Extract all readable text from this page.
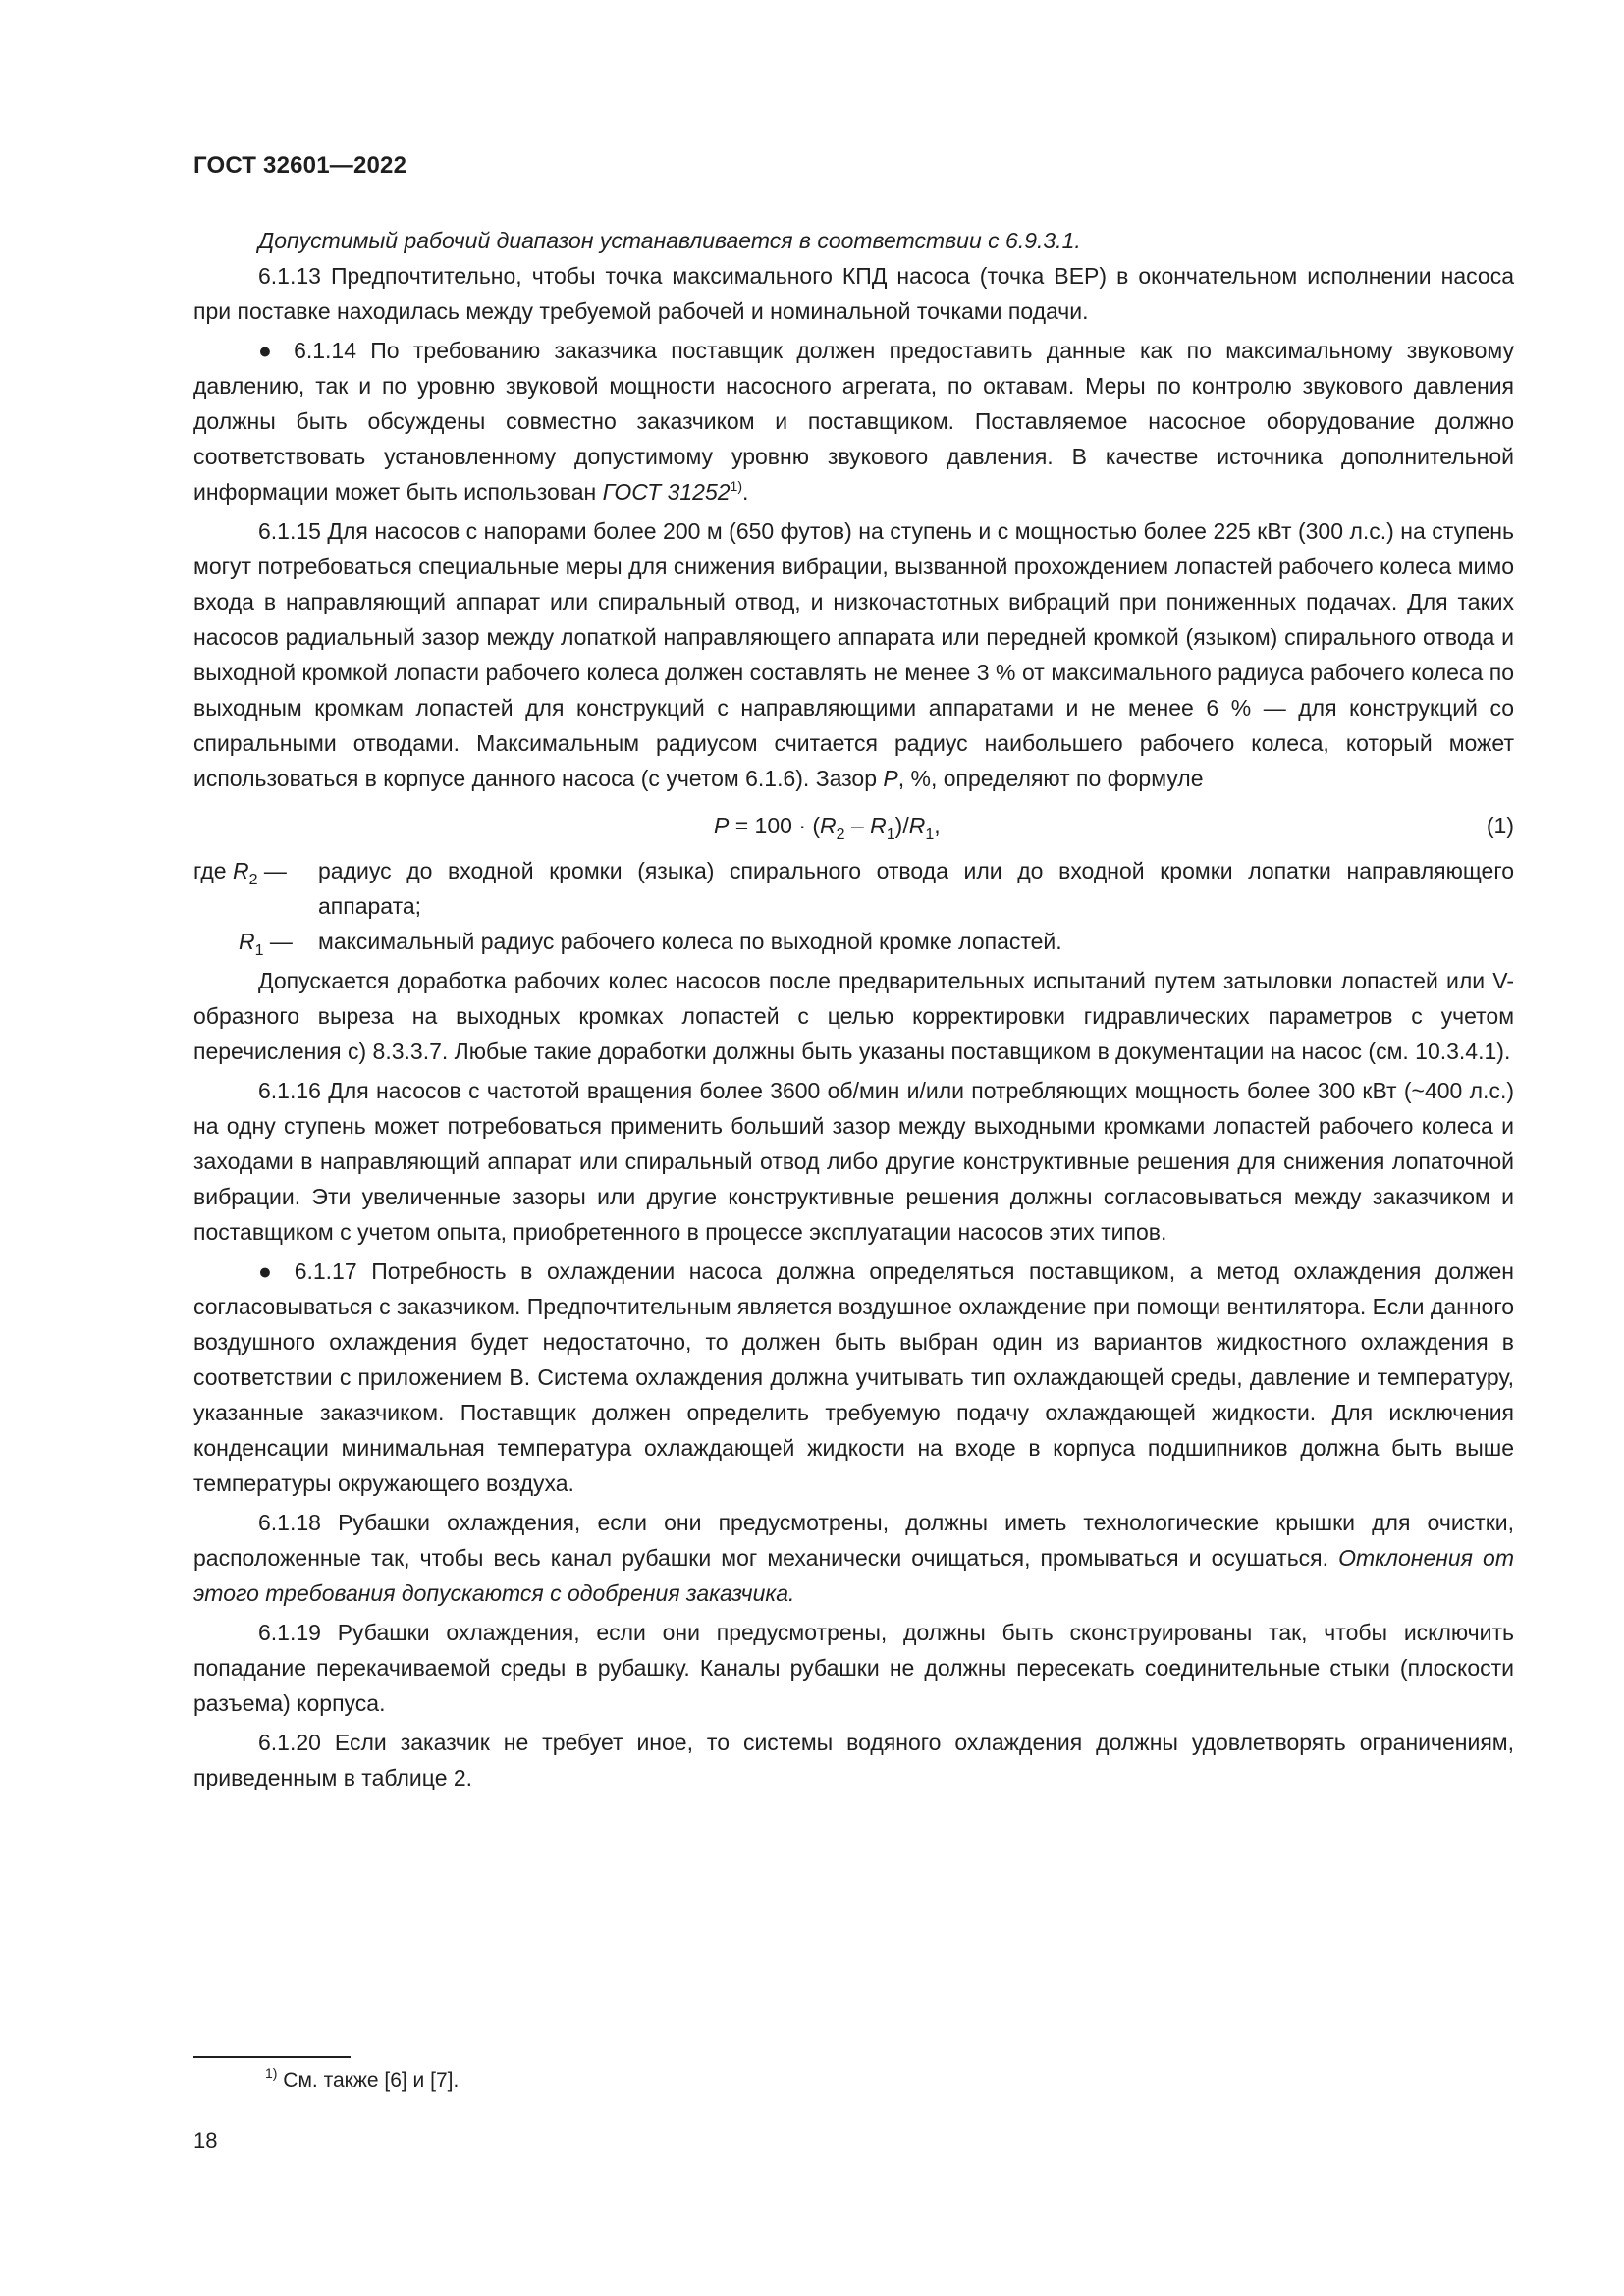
ГОСТ 32601—2022

Допустимый рабочий диапазон устанавливается в соответствии с 6.9.3.1.

6.1.13 Предпочтительно, чтобы точка максимального КПД насоса (точка ВЕР) в окончательном исполнении насоса при поставке находилась между требуемой рабочей и номинальной точками подачи.

● 6.1.14 По требованию заказчика поставщик должен предоставить данные как по максимальному звуковому давлению, так и по уровню звуковой мощности насосного агрегата, по октавам. Меры по контролю звукового давления должны быть обсуждены совместно заказчиком и поставщиком. Поставляемое насосное оборудование должно соответствовать установленному допустимому уровню звукового давления. В качестве источника дополнительной информации может быть использован ГОСТ 31252$^{1)}$.

6.1.15 Для насосов с напорами более 200 м (650 футов) на ступень и с мощностью более 225 кВт (300 л.с.) на ступень могут потребоваться специальные меры для снижения вибрации, вызванной прохождением лопастей рабочего колеса мимо входа в направляющий аппарат или спиральный отвод, и низкочастотных вибраций при пониженных подачах. Для таких насосов радиальный зазор между лопаткой направляющего аппарата или передней кромкой (языком) спирального отвода и выходной кромкой лопасти рабочего колеса должен составлять не менее 3 % от максимального радиуса рабочего колеса по выходным кромкам лопастей для конструкций с направляющими аппаратами и не менее 6 % — для конструкций со спиральными отводами. Максимальным радиусом считается радиус наибольшего рабочего колеса, который может использоваться в корпусе данного насоса (с учетом 6.1.6). Зазор P, %, определяют по формуле

$P = 100 \cdot (R_2 - R_1)/R_1$,	(1)
где $R_2$ —	радиус до входной кромки (языка) спирального отвода или до входной кромки лопатки направляющего аппарата;
$R_1$ —	максимальный радиус рабочего колеса по выходной кромке лопастей.

Допускается доработка рабочих колес насосов после предварительных испытаний путем затыловки лопастей или V-образного выреза на выходных кромках лопастей с целью корректировки гидравлических параметров с учетом перечисления с) 8.3.3.7. Любые такие доработки должны быть указаны поставщиком в документации на насос (см. 10.3.4.1).

6.1.16 Для насосов с частотой вращения более 3600 об/мин и/или потребляющих мощность более 300 кВт (~400 л.с.) на одну ступень может потребоваться применить больший зазор между выходными кромками лопастей рабочего колеса и заходами в направляющий аппарат или спиральный отвод либо другие конструктивные решения для снижения лопаточной вибрации. Эти увеличенные зазоры или другие конструктивные решения должны согласовываться между заказчиком и поставщиком с учетом опыта, приобретенного в процессе эксплуатации насосов этих типов.

● 6.1.17 Потребность в охлаждении насоса должна определяться поставщиком, а метод охлаждения должен согласовываться с заказчиком. Предпочтительным является воздушное охлаждение при помощи вентилятора. Если данного воздушного охлаждения будет недостаточно, то должен быть выбран один из вариантов жидкостного охлаждения в соответствии с приложением В. Система охлаждения должна учитывать тип охлаждающей среды, давление и температуру, указанные заказчиком. Поставщик должен определить требуемую подачу охлаждающей жидкости. Для исключения конденсации минимальная температура охлаждающей жидкости на входе в корпуса подшипников должна быть выше температуры окружающего воздуха.

6.1.18 Рубашки охлаждения, если они предусмотрены, должны иметь технологические крышки для очистки, расположенные так, чтобы весь канал рубашки мог механически очищаться, промываться и осушаться. Отклонения от этого требования допускаются с одобрения заказчика.

6.1.19 Рубашки охлаждения, если они предусмотрены, должны быть сконструированы так, чтобы исключить попадание перекачиваемой среды в рубашку. Каналы рубашки не должны пересекать соединительные стыки (плоскости разъема) корпуса.

6.1.20 Если заказчик не требует иное, то системы водяного охлаждения должны удовлетворять ограничениям, приведенным в таблице 2.

$^{1)}$ См. также [6] и [7].
18
